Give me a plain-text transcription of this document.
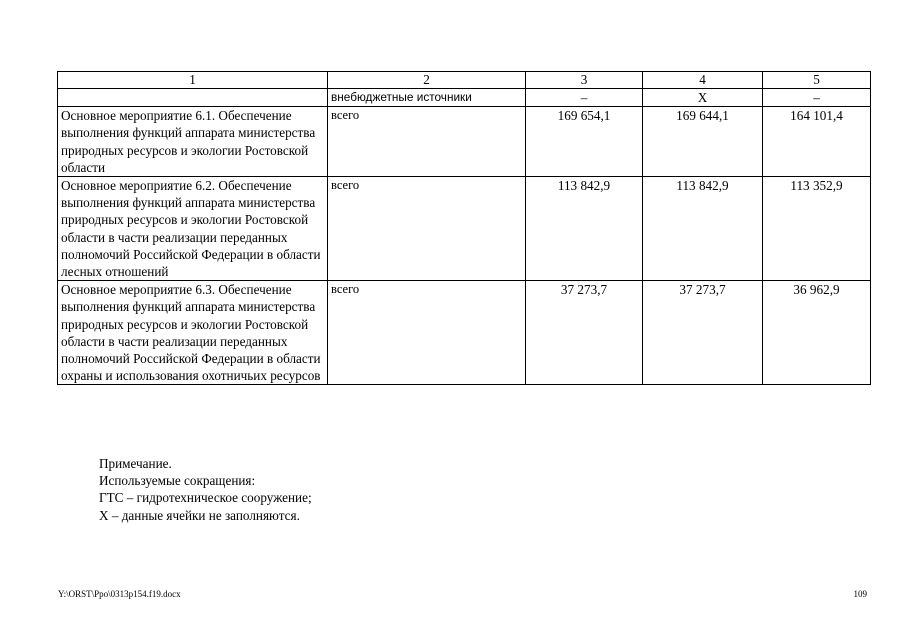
1	2	3	4	5
	внебюджетные источники	–	Х	–
Основное мероприятие 6.1. Обеспечение выполнения функций аппарата министерства природных ресурсов и экологии Ростовской области	всего	169 654,1	169 644,1	164 101,4
Основное мероприятие 6.2. Обеспечение выполнения функций аппарата министерства природных ресурсов и экологии Ростовской области в части реализации переданных полномочий Российской Федерации в области лесных отношений	всего	113 842,9	113 842,9	113 352,9
Основное мероприятие 6.3. Обеспечение выполнения функций аппарата министерства природных ресурсов и экологии Ростовской области в части реализации переданных полномочий Российской Федерации в области охраны и использования охотничьих ресурсов	всего	37 273,7	37 273,7	36 962,9
Примечание.
Используемые сокращения:
ГТС – гидротехническое сооружение;
Х – данные ячейки не заполняются.
Y:\ORST\Ppo\0313p154.f19.docx	109
